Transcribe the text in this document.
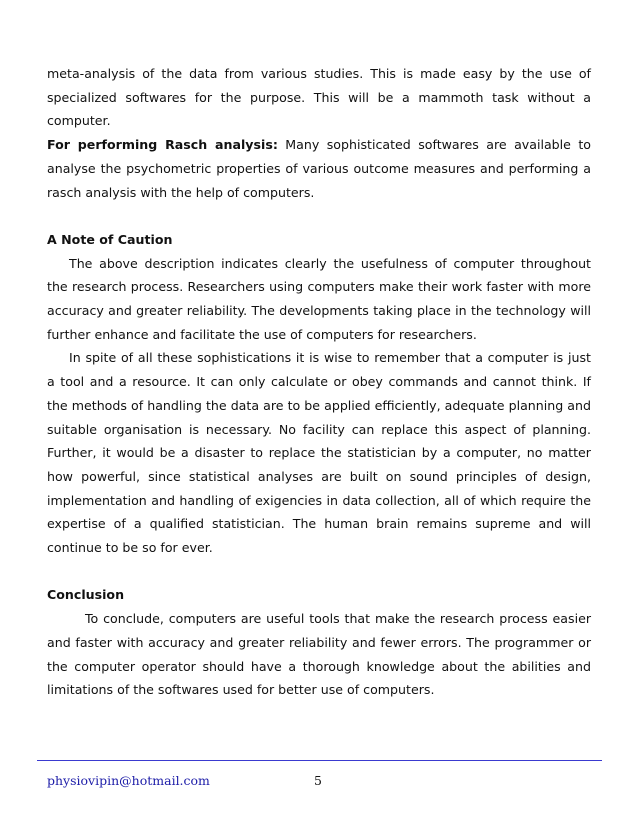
meta-analysis of the data from various studies. This is made easy by the use of specialized softwares for the purpose. This will be a mammoth task without a computer.

For performing Rasch analysis: Many sophisticated softwares are available to analyse the psychometric properties of various outcome measures and performing a rasch analysis with the help of computers.

A Note of Caution

The above description indicates clearly the usefulness of computer throughout the research process. Researchers using computers make their work faster with more accuracy and greater reliability. The developments taking place in the technology will further enhance and facilitate the use of computers for researchers.

In spite of all these sophistications it is wise to remember that a computer is just a tool and a resource. It can only calculate or obey commands and cannot think. If the methods of handling the data are to be applied efficiently, adequate planning and suitable organisation is necessary. No facility can replace this aspect of planning. Further, it would be a disaster to replace the statistician by a computer, no matter how powerful, since statistical analyses are built on sound principles of design, implementation and handling of exigencies in data collection, all of which require the expertise of a qualified statistician. The human brain remains supreme and will continue to be so for ever.

Conclusion

To conclude, computers are useful tools that make the research process easier and faster with accuracy and greater reliability and fewer errors. The programmer or the computer operator should have a thorough knowledge about the abilities and limitations of the softwares used for better use of computers.

physiovipin@hotmail.com	5
